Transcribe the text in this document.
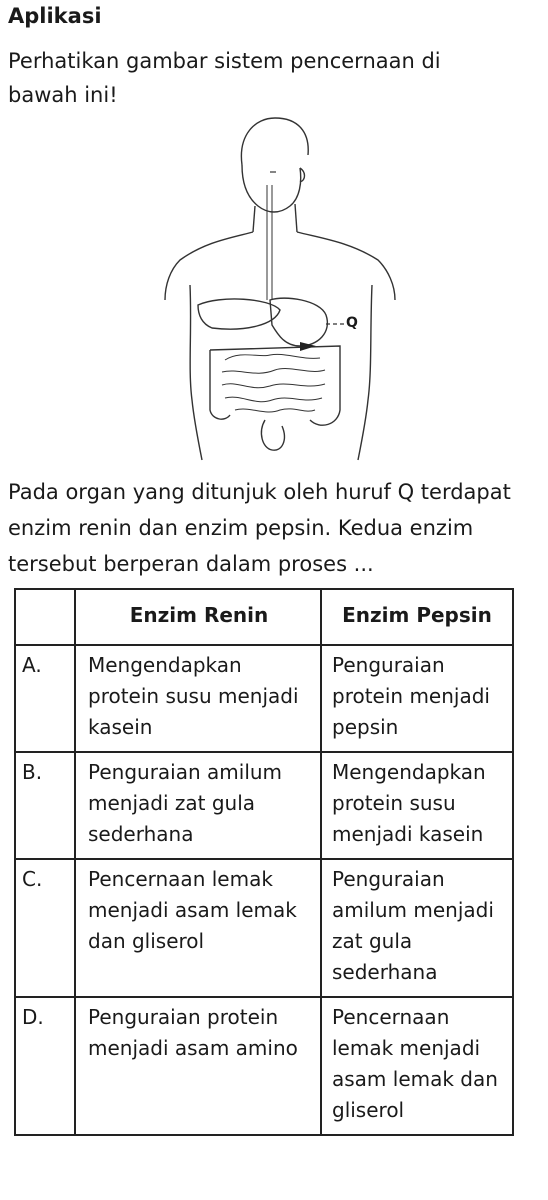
Aplikasi
Perhatikan gambar sistem pencernaan di bawah ini!
Q
Pada organ yang ditunjuk oleh huruf Q terdapat enzim renin dan enzim pepsin. Kedua enzim tersebut berperan dalam proses ...
	Enzim Renin	Enzim Pepsin
A.	Mengendapkan protein susu menjadi kasein	Penguraian protein menjadi pepsin
B.	Penguraian amilum menjadi zat gula sederhana	Mengendapkan protein susu menjadi kasein
C.	Pencernaan lemak menjadi asam lemak dan gliserol	Penguraian amilum menjadi zat gula sederhana
D.	Penguraian protein menjadi asam amino	Pencernaan lemak menjadi asam lemak dan gliserol
